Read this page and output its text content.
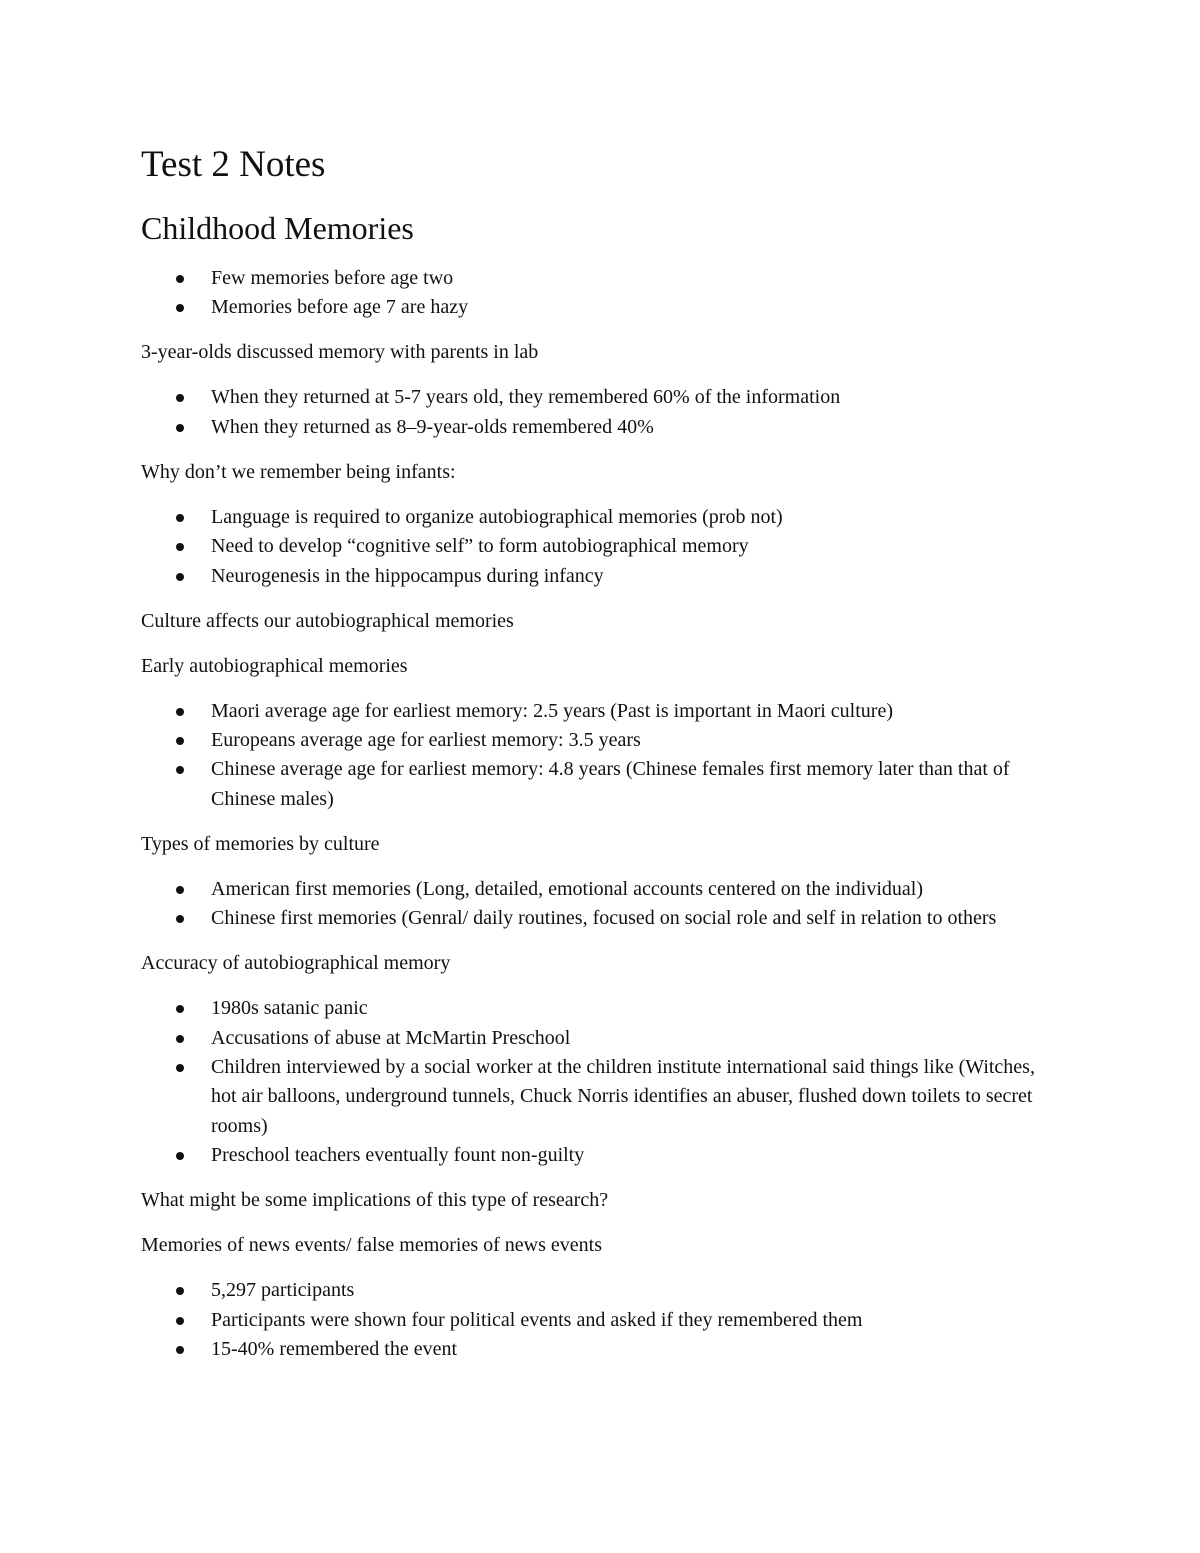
Test 2 Notes
Childhood Memories
Few memories before age two
Memories before age 7 are hazy

3-year-olds discussed memory with parents in lab

When they returned at 5-7 years old, they remembered 60% of the information
When they returned as 8–9-year-olds remembered 40%

Why don’t we remember being infants:

Language is required to organize autobiographical memories (prob not)
Need to develop “cognitive self” to form autobiographical memory
Neurogenesis in the hippocampus during infancy

Culture affects our autobiographical memories

Early autobiographical memories

Maori average age for earliest memory: 2.5 years (Past is important in Maori culture)
Europeans average age for earliest memory: 3.5 years
Chinese average age for earliest memory: 4.8 years (Chinese females first memory later than that of Chinese males)

Types of memories by culture

American first memories (Long, detailed, emotional accounts centered on the individual)
Chinese first memories (Genral/ daily routines, focused on social role and self in relation to others

Accuracy of autobiographical memory

1980s satanic panic
Accusations of abuse at McMartin Preschool
Children interviewed by a social worker at the children institute international said things like (Witches, hot air balloons, underground tunnels, Chuck Norris identifies an abuser, flushed down toilets to secret rooms)
Preschool teachers eventually fount non-guilty

What might be some implications of this type of research?

Memories of news events/ false memories of news events

5,297 participants
Participants were shown four political events and asked if they remembered them
15-40% remembered the event
